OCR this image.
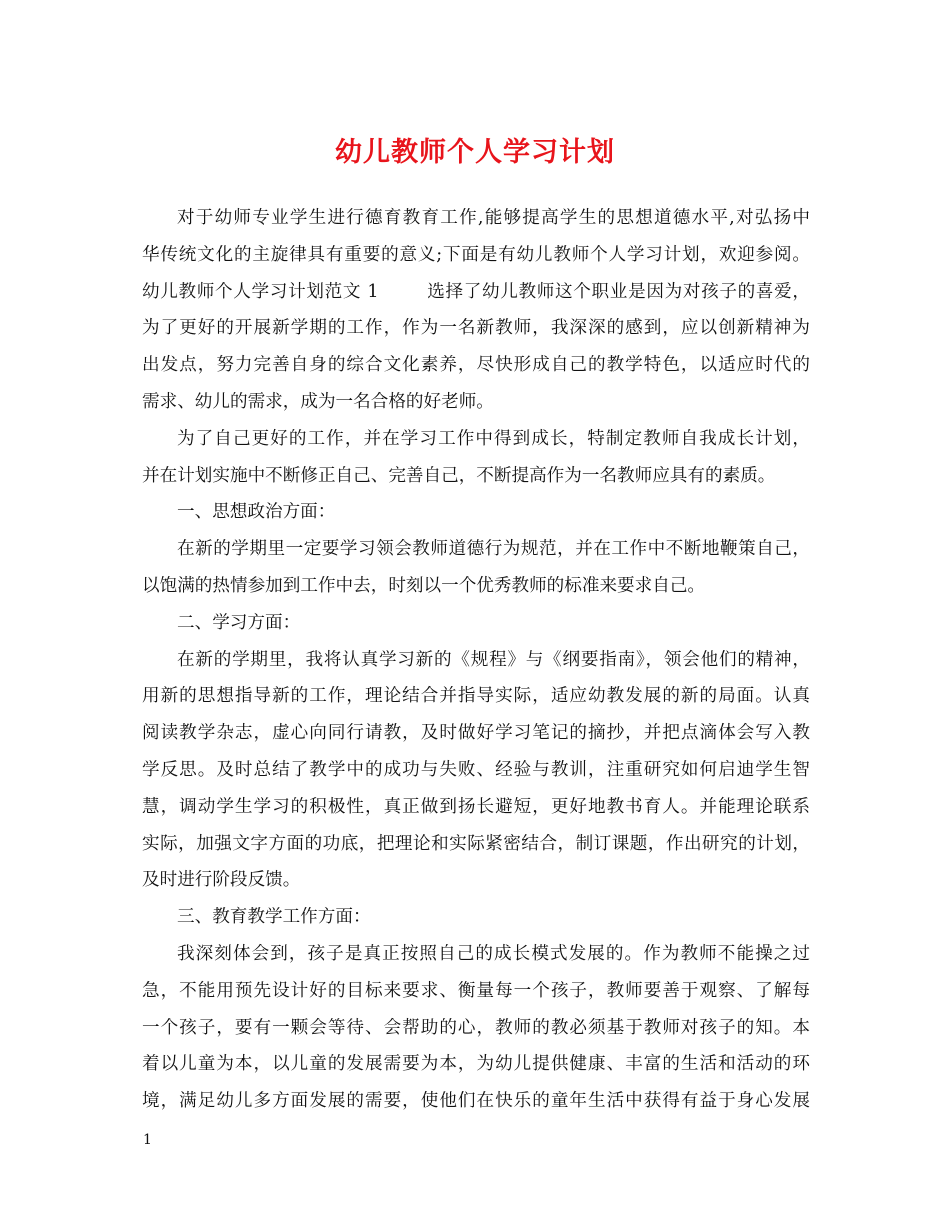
幼儿教师个人学习计划
对于幼师专业学生进行德育教育工作,能够提高学生的思想道德水平,对弘扬中
华传统文化的主旋律具有重要的意义;下面是有幼儿教师个人学习计划，欢迎参阅。
幼儿教师个人学习计划范文 1	选择了幼儿教师这个职业是因为对孩子的喜爱，
为了更好的开展新学期的工作，作为一名新教师，我深深的感到，应以创新精神为
出发点，努力完善自身的综合文化素养，尽快形成自己的教学特色，以适应时代的
需求、幼儿的需求，成为一名合格的好老师。
为了自己更好的工作，并在学习工作中得到成长，特制定教师自我成长计划，
并在计划实施中不断修正自己、完善自己，不断提高作为一名教师应具有的素质。
一、思想政治方面：
在新的学期里一定要学习领会教师道德行为规范，并在工作中不断地鞭策自己，
以饱满的热情参加到工作中去，时刻以一个优秀教师的标准来要求自己。
二、学习方面：
在新的学期里，我将认真学习新的《规程》与《纲要指南》，领会他们的精神，
用新的思想指导新的工作，理论结合并指导实际，适应幼教发展的新的局面。认真
阅读教学杂志，虚心向同行请教，及时做好学习笔记的摘抄，并把点滴体会写入教
学反思。及时总结了教学中的成功与失败、经验与教训，注重研究如何启迪学生智
慧，调动学生学习的积极性，真正做到扬长避短，更好地教书育人。并能理论联系
实际，加强文字方面的功底，把理论和实际紧密结合，制订课题，作出研究的计划，
及时进行阶段反馈。
三、教育教学工作方面：
我深刻体会到，孩子是真正按照自己的成长模式发展的。作为教师不能操之过
急，不能用预先设计好的目标来要求、衡量每一个孩子，教师要善于观察、了解每
一个孩子，要有一颗会等待、会帮助的心，教师的教必须基于教师对孩子的知。本
着以儿童为本，以儿童的发展需要为本，为幼儿提供健康、丰富的生活和活动的环
境，满足幼儿多方面发展的需要，使他们在快乐的童年生活中获得有益于身心发展
1
